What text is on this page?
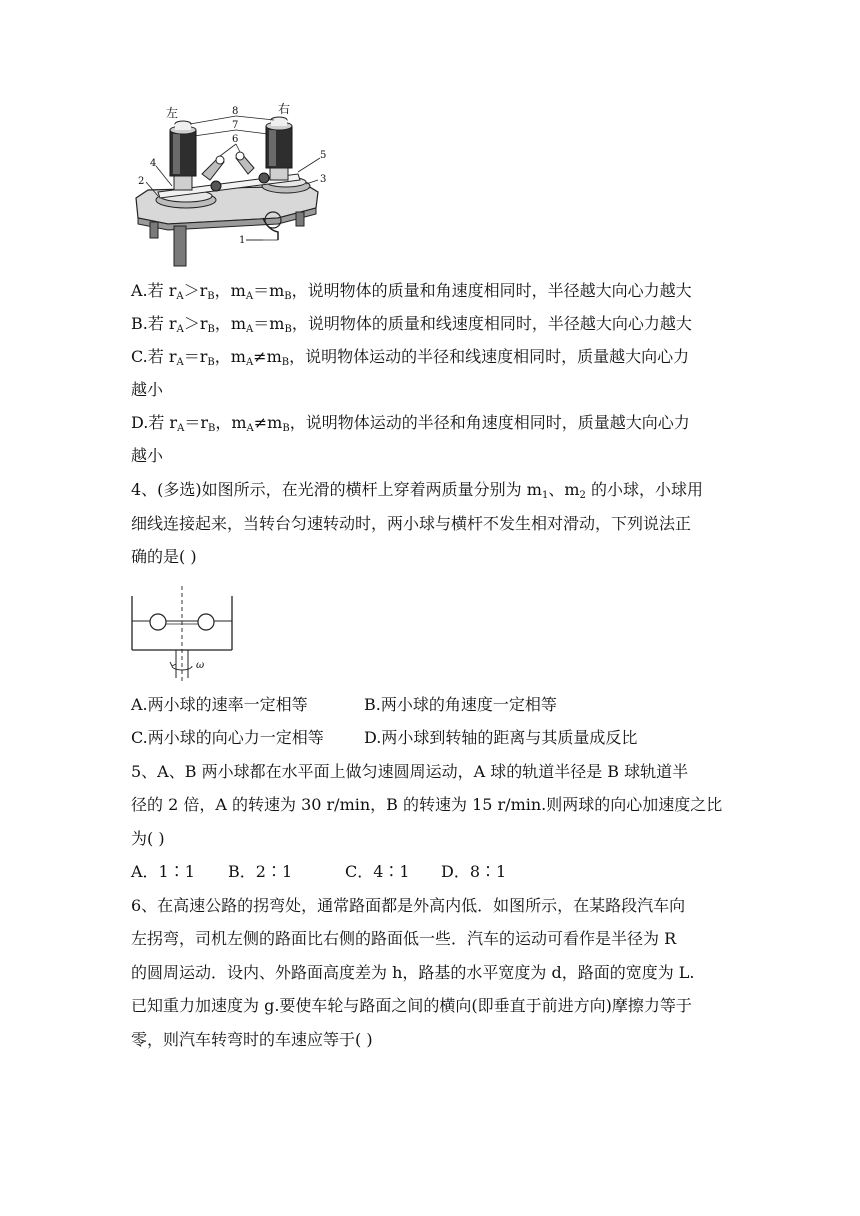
左	右
8
7
6
5
4
3
2
1
A.若 $r_A>r_B$，$m_A=m_B$，说明物体的质量和角速度相同时，半径越大向心力越大
B.若 $r_A>r_B$，$m_A=m_B$，说明物体的质量和线速度相同时，半径越大向心力越大
C.若 $r_A=r_B$，$m_A\ne m_B$，说明物体运动的半径和线速度相同时，质量越大向心力
越小
D.若 $r_A=r_B$，$m_A\ne m_B$，说明物体运动的半径和角速度相同时，质量越大向心力
越小
4、(多选)如图所示，在光滑的横杆上穿着两质量分别为 $m_1$、$m_2$ 的小球，小球用
细线连接起来，当转台匀速转动时，两小球与横杆不发生相对滑动，下列说法正
确的是( )
ω
A.两小球的速率一定相等	B.两小球的角速度一定相等
C.两小球的向心力一定相等	D.两小球到转轴的距离与其质量成反比
5、A、B 两小球都在水平面上做匀速圆周运动，A 球的轨道半径是 B 球轨道半
径的 2 倍，A 的转速为 30 r/min，B 的转速为 15 r/min.则两球的向心加速度之比
为( )
A．1∶1 B．2∶1	C．4∶1 D．8∶1
6、在高速公路的拐弯处，通常路面都是外高内低．如图所示，在某路段汽车向
左拐弯，司机左侧的路面比右侧的路面低一些．汽车的运动可看作是半径为 R
的圆周运动．设内、外路面高度差为 h，路基的水平宽度为 d，路面的宽度为 L.
已知重力加速度为 g.要使车轮与路面之间的横向(即垂直于前进方向)摩擦力等于
零，则汽车转弯时的车速应等于( )
